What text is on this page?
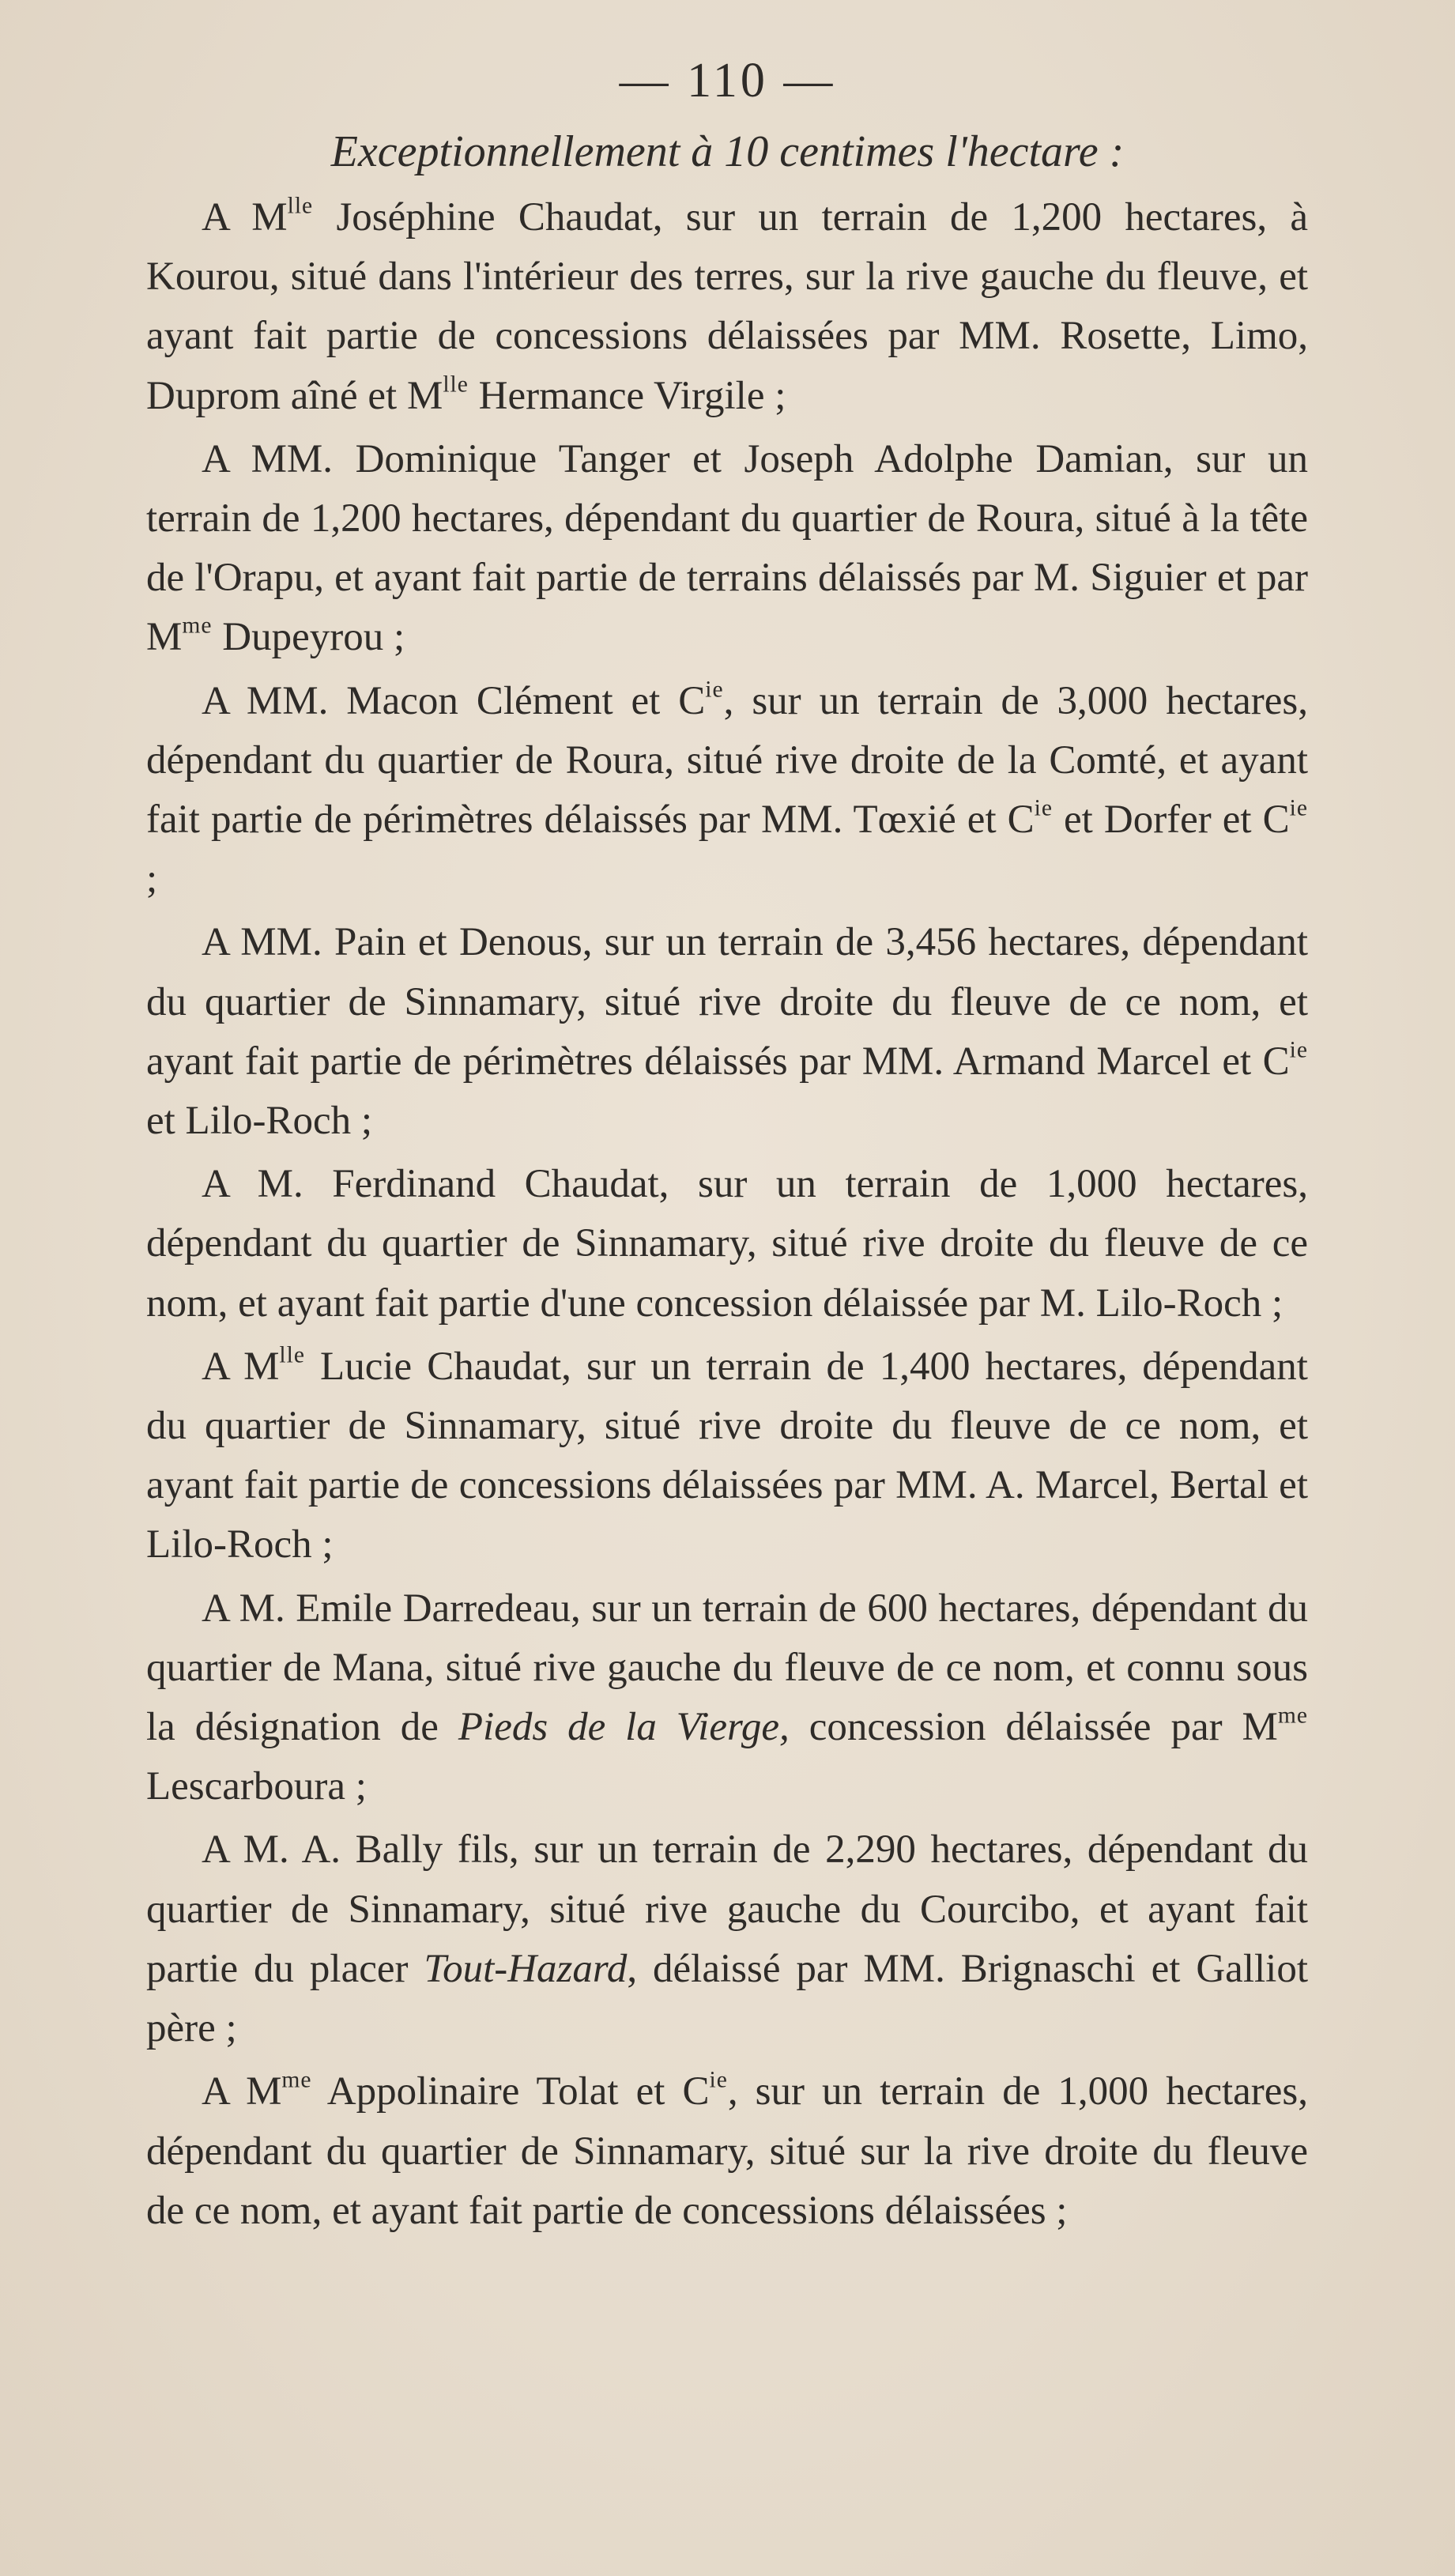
— 110 —
Exceptionnellement à 10 centimes l'hectare :

A $M^{lle}$ Joséphine Chaudat, sur un terrain de 1,200 hectares, à Kourou, situé dans l'intérieur des terres, sur la rive gauche du fleuve, et ayant fait partie de concessions délaissées par MM. Rosette, Limo, Duprom aîné et $M^{lle}$ Hermance Virgile ;

A MM. Dominique Tanger et Joseph Adolphe Damian, sur un terrain de 1,200 hectares, dépendant du quartier de Roura, situé à la tête de l'Orapu, et ayant fait partie de terrains délaissés par M. Siguier et par $M^{me}$ Dupeyrou ;

A MM. Macon Clément et $C^{ie}$, sur un terrain de 3,000 hectares, dépendant du quartier de Roura, situé rive droite de la Comté, et ayant fait partie de périmètres délaissés par MM. Tœxié et $C^{ie}$ et Dorfer et $C^{ie}$ ;

A MM. Pain et Denous, sur un terrain de 3,456 hectares, dépendant du quartier de Sinnamary, situé rive droite du fleuve de ce nom, et ayant fait partie de périmètres délaissés par MM. Armand Marcel et $C^{ie}$ et Lilo-Roch ;

A M. Ferdinand Chaudat, sur un terrain de 1,000 hectares, dépendant du quartier de Sinnamary, situé rive droite du fleuve de ce nom, et ayant fait partie d'une concession délaissée par M. Lilo-Roch ;

A $M^{lle}$ Lucie Chaudat, sur un terrain de 1,400 hectares, dépendant du quartier de Sinnamary, situé rive droite du fleuve de ce nom, et ayant fait partie de concessions délaissées par MM. A. Marcel, Bertal et Lilo-Roch ;

A M. Emile Darredeau, sur un terrain de 600 hectares, dépendant du quartier de Mana, situé rive gauche du fleuve de ce nom, et connu sous la désignation de Pieds de la Vierge, concession délaissée par $M^{me}$ Lescarboura ;

A M. A. Bally fils, sur un terrain de 2,290 hectares, dépendant du quartier de Sinnamary, situé rive gauche du Courcibo, et ayant fait partie du placer Tout-Hazard, délaissé par MM. Brignaschi et Galliot père ;

A $M^{me}$ Appolinaire Tolat et $C^{ie}$, sur un terrain de 1,000 hectares, dépendant du quartier de Sinnamary, situé sur la rive droite du fleuve de ce nom, et ayant fait partie de concessions délaissées ;
